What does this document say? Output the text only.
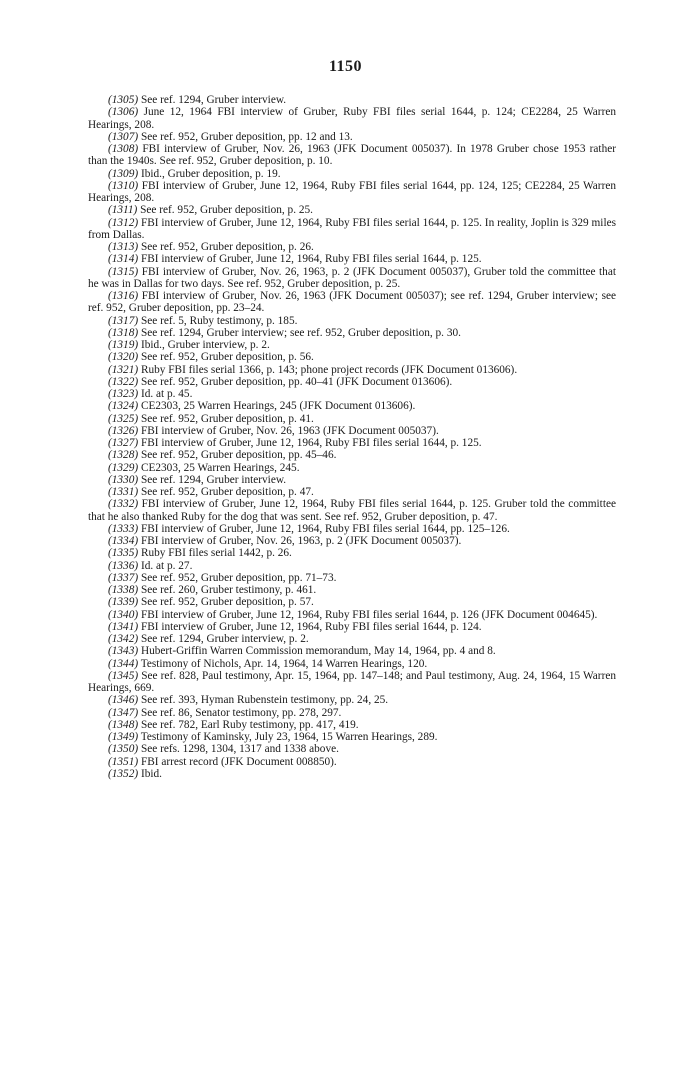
1150

(1305) See ref. 1294, Gruber interview.

(1306) June 12, 1964 FBI interview of Gruber, Ruby FBI files serial 1644, p. 124; CE2284, 25 Warren Hearings, 208.

(1307) See ref. 952, Gruber deposition, pp. 12 and 13.

(1308) FBI interview of Gruber, Nov. 26, 1963 (JFK Document 005037). In 1978 Gruber chose 1953 rather than the 1940s. See ref. 952, Gruber deposition, p. 10.

(1309) Ibid., Gruber deposition, p. 19.

(1310) FBI interview of Gruber, June 12, 1964, Ruby FBI files serial 1644, pp. 124, 125; CE2284, 25 Warren Hearings, 208.

(1311) See ref. 952, Gruber deposition, p. 25.

(1312) FBI interview of Gruber, June 12, 1964, Ruby FBI files serial 1644, p. 125. In reality, Joplin is 329 miles from Dallas.

(1313) See ref. 952, Gruber deposition, p. 26.

(1314) FBI interview of Gruber, June 12, 1964, Ruby FBI files serial 1644, p. 125.

(1315) FBI interview of Gruber, Nov. 26, 1963, p. 2 (JFK Document 005037), Gruber told the committee that he was in Dallas for two days. See ref. 952, Gruber deposition, p. 25.

(1316) FBI interview of Gruber, Nov. 26, 1963 (JFK Document 005037); see ref. 1294, Gruber interview; see ref. 952, Gruber deposition, pp. 23–24.

(1317) See ref. 5, Ruby testimony, p. 185.

(1318) See ref. 1294, Gruber interview; see ref. 952, Gruber deposition, p. 30.

(1319) Ibid., Gruber interview, p. 2.

(1320) See ref. 952, Gruber deposition, p. 56.

(1321) Ruby FBI files serial 1366, p. 143; phone project records (JFK Document 013606).

(1322) See ref. 952, Gruber deposition, pp. 40–41 (JFK Document 013606).

(1323) Id. at p. 45.

(1324) CE2303, 25 Warren Hearings, 245 (JFK Document 013606).

(1325) See ref. 952, Gruber deposition, p. 41.

(1326) FBI interview of Gruber, Nov. 26, 1963 (JFK Document 005037).

(1327) FBI interview of Gruber, June 12, 1964, Ruby FBI files serial 1644, p. 125.

(1328) See ref. 952, Gruber deposition, pp. 45–46.

(1329) CE2303, 25 Warren Hearings, 245.

(1330) See ref. 1294, Gruber interview.

(1331) See ref. 952, Gruber deposition, p. 47.

(1332) FBI interview of Gruber, June 12, 1964, Ruby FBI files serial 1644, p. 125. Gruber told the committee that he also thanked Ruby for the dog that was sent. See ref. 952, Gruber deposition, p. 47.

(1333) FBI interview of Gruber, June 12, 1964, Ruby FBI files serial 1644, pp. 125–126.

(1334) FBI interview of Gruber, Nov. 26, 1963, p. 2 (JFK Document 005037).

(1335) Ruby FBI files serial 1442, p. 26.

(1336) Id. at p. 27.

(1337) See ref. 952, Gruber deposition, pp. 71–73.

(1338) See ref. 260, Gruber testimony, p. 461.

(1339) See ref. 952, Gruber deposition, p. 57.

(1340) FBI interview of Gruber, June 12, 1964, Ruby FBI files serial 1644, p. 126 (JFK Document 004645).

(1341) FBI interview of Gruber, June 12, 1964, Ruby FBI files serial 1644, p. 124.

(1342) See ref. 1294, Gruber interview, p. 2.

(1343) Hubert-Griffin Warren Commission memorandum, May 14, 1964, pp. 4 and 8.

(1344) Testimony of Nichols, Apr. 14, 1964, 14 Warren Hearings, 120.

(1345) See ref. 828, Paul testimony, Apr. 15, 1964, pp. 147–148; and Paul testimony, Aug. 24, 1964, 15 Warren Hearings, 669.

(1346) See ref. 393, Hyman Rubenstein testimony, pp. 24, 25.

(1347) See ref. 86, Senator testimony, pp. 278, 297.

(1348) See ref. 782, Earl Ruby testimony, pp. 417, 419.

(1349) Testimony of Kaminsky, July 23, 1964, 15 Warren Hearings, 289.

(1350) See refs. 1298, 1304, 1317 and 1338 above.

(1351) FBI arrest record (JFK Document 008850).

(1352) Ibid.
